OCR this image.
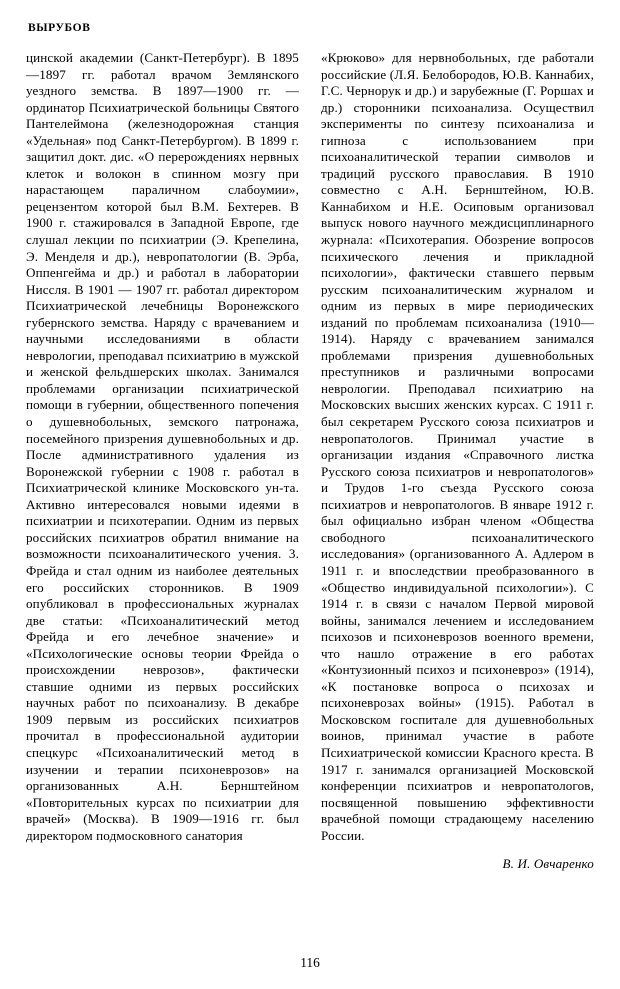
ВЫРУБОВ

цинской академии (Санкт-Петербург). В 1895—1897 гг. работал врачом Землянского уездного земства. В 1897—1900 гг. — ординатор Психиатрической больницы Святого Пантелеймона (железнодорожная станция «Удельная» под Санкт-Петербургом). В 1899 г. защитил докт. дис. «О перерождениях нервных клеток и волокон в спинном мозгу при нарастающем параличном слабоумии», рецензентом которой был В.М. Бехтерев. В 1900 г. стажировался в Западной Европе, где слушал лекции по психиатрии (Э. Крепелина, Э. Менделя и др.), невропатологии (В. Эрба, Оппенгейма и др.) и работал в лаборатории Нисcля. В 1901 — 1907 гг. работал директором Психиатрической лечебницы Воронежского губернского земства. Наряду с врачеванием и научными исследованиями в области неврологии, преподавал психиатрию в мужской и женской фельдшерских школах. Занимался проблемами организации психиатрической помощи в губернии, общественного попечения о душевнобольных, земского патронажа, посемейного призрения душевнобольных и др. После административного удаления из Воронежской губернии с 1908 г. работал в Психиатрической клинике Московского ун-та. Активно интересовался новыми идеями в психиатрии и психотерапии. Одним из первых российских психиатров обратил внимание на возможности психоаналитического учения. 3. Фрейда и стал одним из наиболее деятельных его российских сторонников. В 1909 опубликовал в профессиональных журналах две статьи: «Психоаналитический метод Фрейда и его лечебное значение» и «Психологические основы теории Фрейда о происхождении неврозов», фактически ставшие одними из первых российских научных работ по психоанализу. В декабре 1909 первым из российских психиатров прочитал в профессиональной аудитории спецкурс «Психоаналитический метод в изучении и терапии психоневрозов» на организованных А.Н. Бернштейном «Повторительных курсах по психиатрии для врачей» (Москва). В 1909—1916 гг. был директором подмосковного санатория

«Крюково» для нервнобольных, где работали российские (Л.Я. Белобородов, Ю.В. Каннабих, Г.С. Чернорук и др.) и зарубежные (Г. Роршах и др.) сторонники психоанализа. Осуществил эксперименты по синтезу психоанализа и гипноза с использованием при психоаналитической терапии символов и традиций русского православия. В 1910 совместно с А.Н. Бернштейном, Ю.В. Каннабихом и Н.Е. Осиповым организовал выпуск нового научного междисциплинарного журнала: «Психотерапия. Обозрение вопросов психического лечения и прикладной психологии», фактически ставшего первым русским психоаналитическим журналом и одним из первых в мире периодических изданий по проблемам психоанализа (1910—1914). Наряду с врачеванием занимался проблемами призрения душевнобольных преступников и различными вопросами неврологии. Преподавал психиатрию на Московских высших женских курсах. С 1911 г. был секретарем Русского союза психиатров и невропатологов. Принимал участие в организации издания «Справочного листка Русского союза психиатров и невропатологов» и Трудов 1-го съезда Русского союза психиатров и невропатологов. В январе 1912 г. был официально избран членом «Общества свободного психоаналитического исследования» (организованного А. Адлером в 1911 г. и впоследствии преобразованного в «Общество индивидуальной психологии»). С 1914 г. в связи с началом Первой мировой войны, занимался лечением и исследованием психозов и психоневрозов военного времени, что нашло отражение в его работах «Контузионный психоз и психоневроз» (1914), «К постановке вопроса о психозах и психоневрозах войны» (1915). Работал в Московском госпитале для душевнобольных воинов, принимал участие в работе Психиатрической комиссии Красного креста. В 1917 г. занимался организацией Московской конференции психиатров и невропатологов, посвященной повышению эффективности врачебной помощи страдающему населению России.

В. И. Овчаренко
116
